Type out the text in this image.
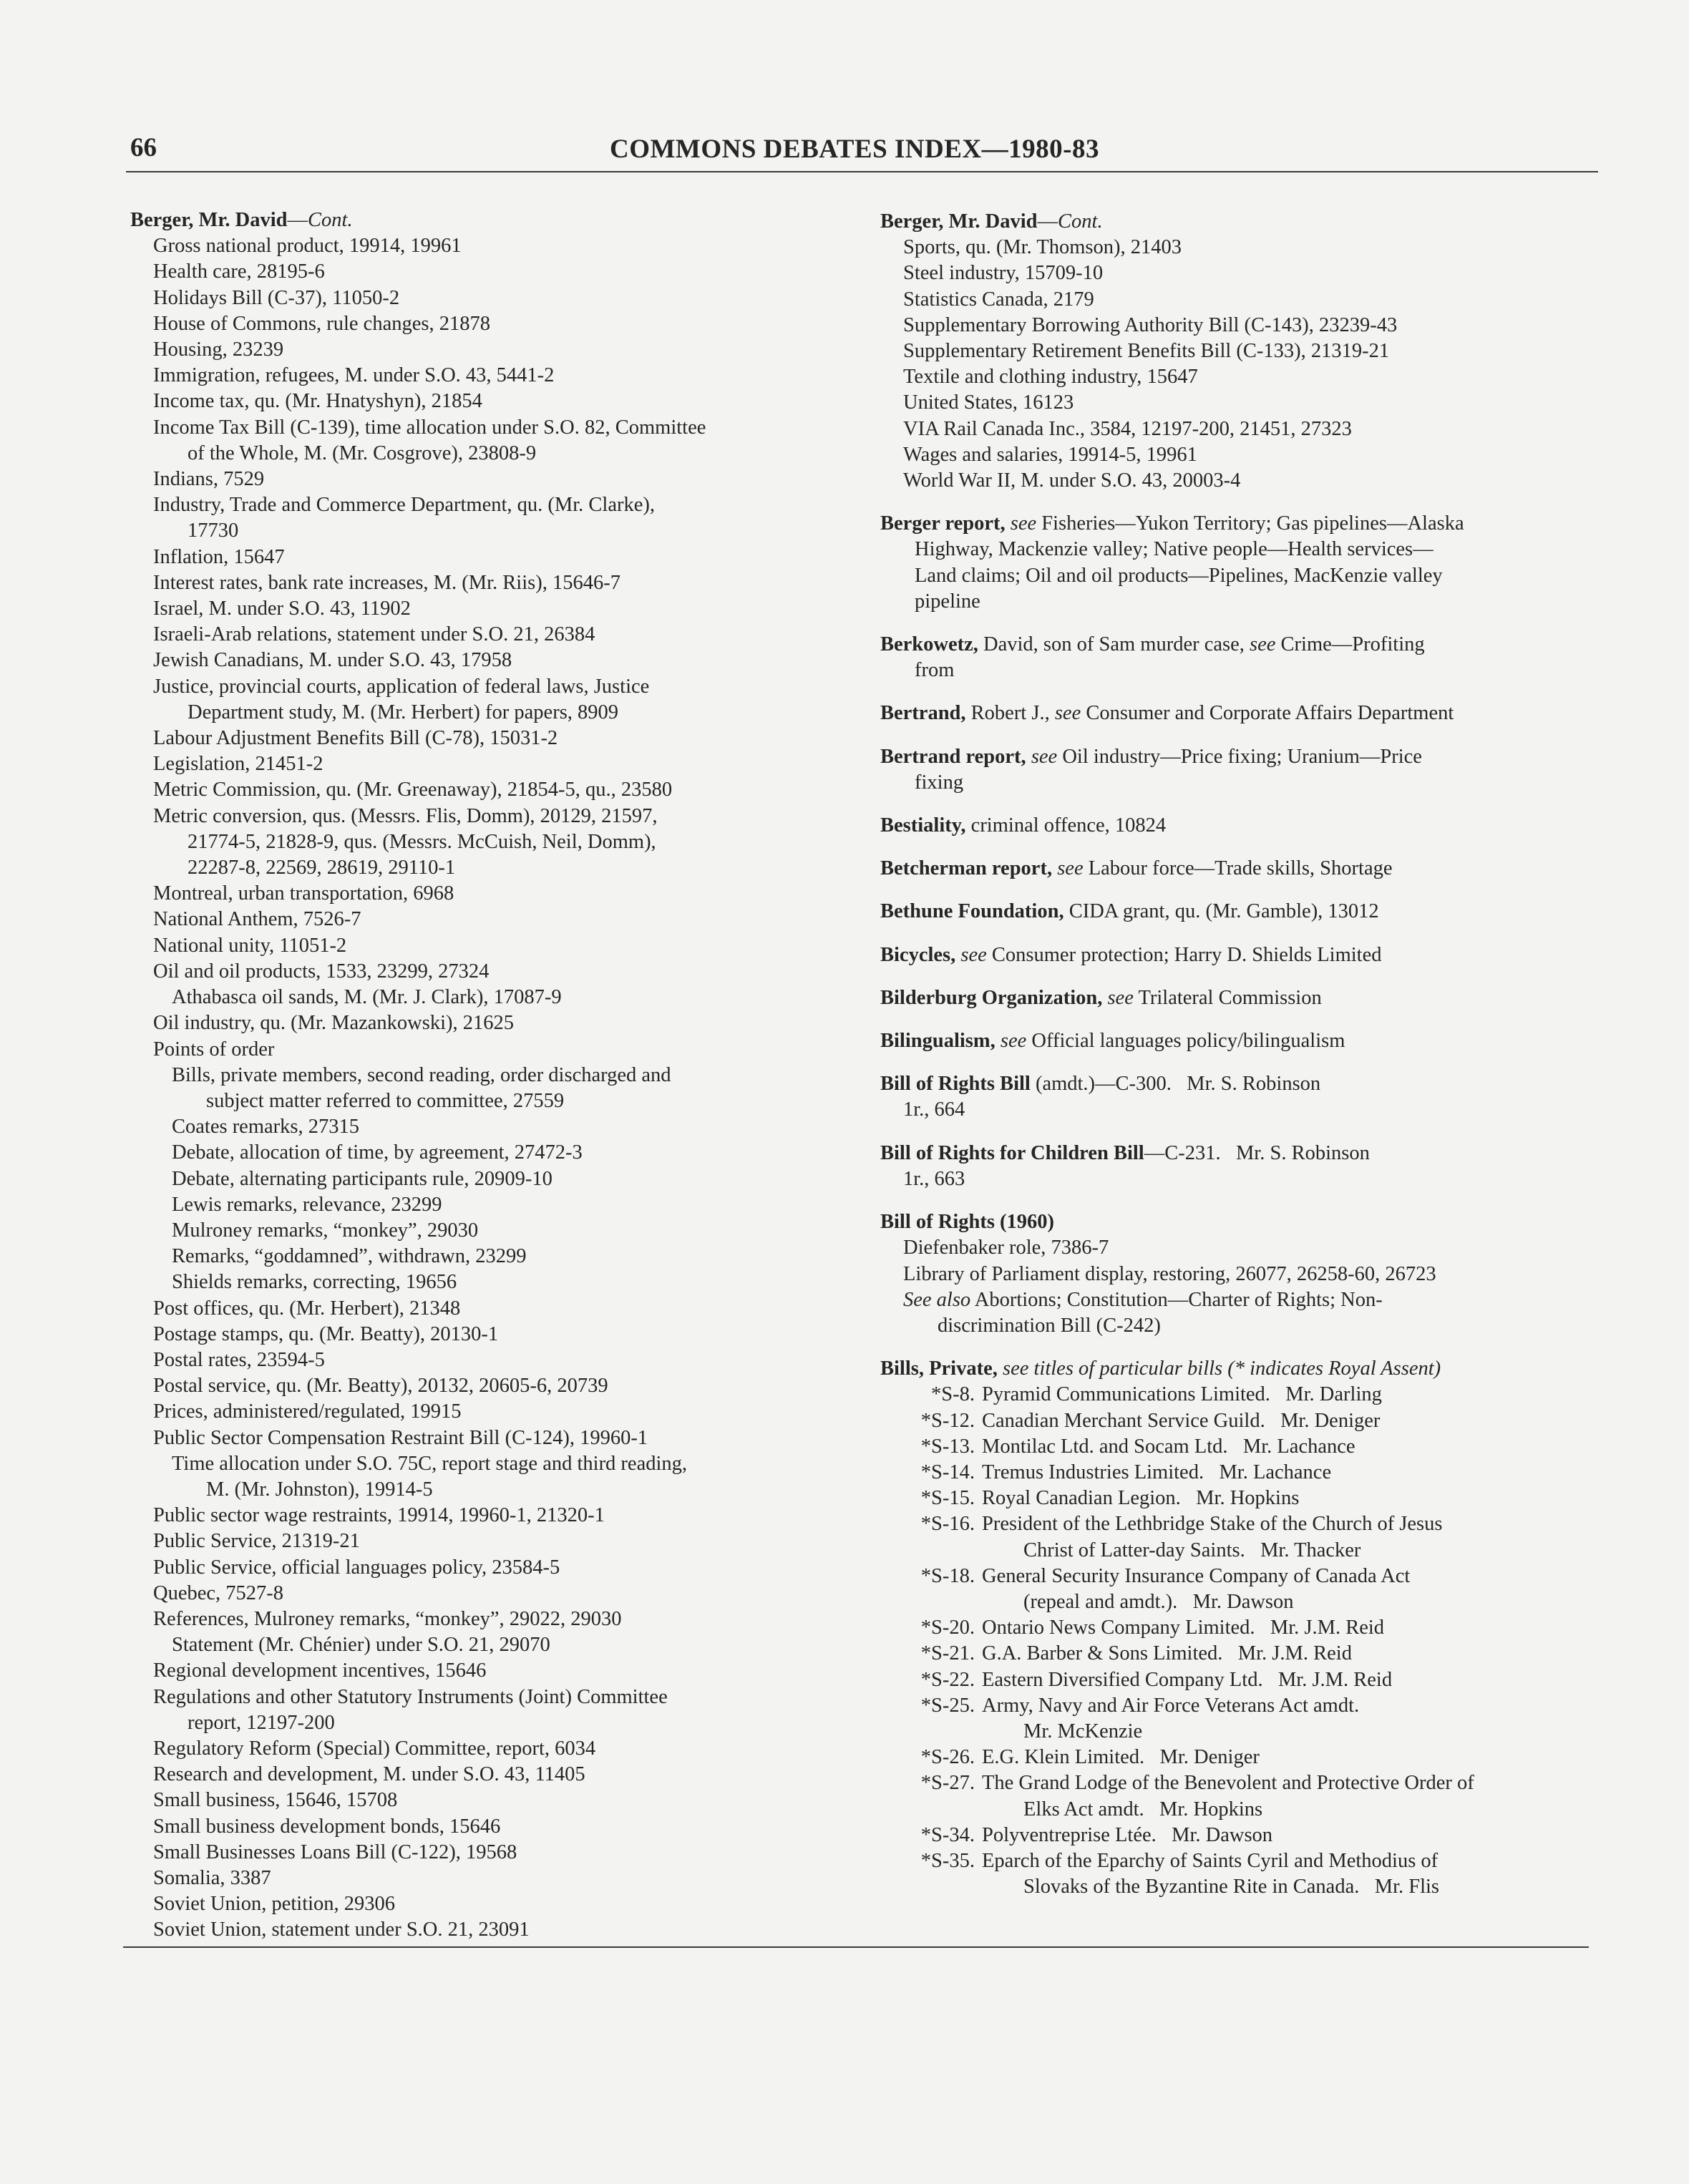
66	COMMONS DEBATES INDEX—1980-83
Berger, Mr. David—Cont.
Gross national product, 19914, 19961
Health care, 28195-6
Holidays Bill (C-37), 11050-2
House of Commons, rule changes, 21878
Housing, 23239
Immigration, refugees, M. under S.O. 43, 5441-2
Income tax, qu. (Mr. Hnatyshyn), 21854
Income Tax Bill (C-139), time allocation under S.O. 82, Committee
of the Whole, M. (Mr. Cosgrove), 23808-9
Indians, 7529
Industry, Trade and Commerce Department, qu. (Mr. Clarke),
17730
Inflation, 15647
Interest rates, bank rate increases, M. (Mr. Riis), 15646-7
Israel, M. under S.O. 43, 11902
Israeli-Arab relations, statement under S.O. 21, 26384
Jewish Canadians, M. under S.O. 43, 17958
Justice, provincial courts, application of federal laws, Justice
Department study, M. (Mr. Herbert) for papers, 8909
Labour Adjustment Benefits Bill (C-78), 15031-2
Legislation, 21451-2
Metric Commission, qu. (Mr. Greenaway), 21854-5, qu., 23580
Metric conversion, qus. (Messrs. Flis, Domm), 20129, 21597,
21774-5, 21828-9, qus. (Messrs. McCuish, Neil, Domm),
22287-8, 22569, 28619, 29110-1
Montreal, urban transportation, 6968
National Anthem, 7526-7
National unity, 11051-2
Oil and oil products, 1533, 23299, 27324
Athabasca oil sands, M. (Mr. J. Clark), 17087-9
Oil industry, qu. (Mr. Mazankowski), 21625
Points of order
Bills, private members, second reading, order discharged and
subject matter referred to committee, 27559
Coates remarks, 27315
Debate, allocation of time, by agreement, 27472-3
Debate, alternating participants rule, 20909-10
Lewis remarks, relevance, 23299
Mulroney remarks, “monkey”, 29030
Remarks, “goddamned”, withdrawn, 23299
Shields remarks, correcting, 19656
Post offices, qu. (Mr. Herbert), 21348
Postage stamps, qu. (Mr. Beatty), 20130-1
Postal rates, 23594-5
Postal service, qu. (Mr. Beatty), 20132, 20605-6, 20739
Prices, administered/regulated, 19915
Public Sector Compensation Restraint Bill (C-124), 19960-1
Time allocation under S.O. 75C, report stage and third reading,
M. (Mr. Johnston), 19914-5
Public sector wage restraints, 19914, 19960-1, 21320-1
Public Service, 21319-21
Public Service, official languages policy, 23584-5
Quebec, 7527-8
References, Mulroney remarks, “monkey”, 29022, 29030
Statement (Mr. Chénier) under S.O. 21, 29070
Regional development incentives, 15646
Regulations and other Statutory Instruments (Joint) Committee
report, 12197-200
Regulatory Reform (Special) Committee, report, 6034
Research and development, M. under S.O. 43, 11405
Small business, 15646, 15708
Small business development bonds, 15646
Small Businesses Loans Bill (C-122), 19568
Somalia, 3387
Soviet Union, petition, 29306
Soviet Union, statement under S.O. 21, 23091
Berger, Mr. David—Cont.
Sports, qu. (Mr. Thomson), 21403
Steel industry, 15709-10
Statistics Canada, 2179
Supplementary Borrowing Authority Bill (C-143), 23239-43
Supplementary Retirement Benefits Bill (C-133), 21319-21
Textile and clothing industry, 15647
United States, 16123
VIA Rail Canada Inc., 3584, 12197-200, 21451, 27323
Wages and salaries, 19914-5, 19961
World War II, M. under S.O. 43, 20003-4
Berger report, see Fisheries—Yukon Territory; Gas pipelines—Alaska
Highway, Mackenzie valley; Native people—Health services—
Land claims; Oil and oil products—Pipelines, MacKenzie valley
pipeline
Berkowetz, David, son of Sam murder case, see Crime—Profiting
from
Bertrand, Robert J., see Consumer and Corporate Affairs Department
Bertrand report, see Oil industry—Price fixing; Uranium—Price
fixing
Bestiality, criminal offence, 10824
Betcherman report, see Labour force—Trade skills, Shortage
Bethune Foundation, CIDA grant, qu. (Mr. Gamble), 13012
Bicycles, see Consumer protection; Harry D. Shields Limited
Bilderburg Organization, see Trilateral Commission
Bilingualism, see Official languages policy/bilingualism
Bill of Rights Bill (amdt.)—C-300.   Mr. S. Robinson
1r., 664
Bill of Rights for Children Bill—C-231.   Mr. S. Robinson
1r., 663
Bill of Rights (1960)
Diefenbaker role, 7386-7
Library of Parliament display, restoring, 26077, 26258-60, 26723
See also Abortions; Constitution—Charter of Rights; Non-
discrimination Bill (C-242)
Bills, Private, see titles of particular bills (* indicates Royal Assent)
*S-8. Pyramid Communications Limited.   Mr. Darling
*S-12. Canadian Merchant Service Guild.   Mr. Deniger
*S-13. Montilac Ltd. and Socam Ltd.   Mr. Lachance
*S-14. Tremus Industries Limited.   Mr. Lachance
*S-15. Royal Canadian Legion.   Mr. Hopkins
*S-16. President of the Lethbridge Stake of the Church of Jesus
Christ of Latter-day Saints.   Mr. Thacker
*S-18. General Security Insurance Company of Canada Act
(repeal and amdt.).   Mr. Dawson
*S-20. Ontario News Company Limited.   Mr. J.M. Reid
*S-21. G.A. Barber & Sons Limited.   Mr. J.M. Reid
*S-22. Eastern Diversified Company Ltd.   Mr. J.M. Reid
*S-25. Army, Navy and Air Force Veterans Act amdt.
Mr. McKenzie
*S-26. E.G. Klein Limited.   Mr. Deniger
*S-27. The Grand Lodge of the Benevolent and Protective Order of
Elks Act amdt.   Mr. Hopkins
*S-34. Polyventreprise Ltée.   Mr. Dawson
*S-35. Eparch of the Eparchy of Saints Cyril and Methodius of
Slovaks of the Byzantine Rite in Canada.   Mr. Flis
